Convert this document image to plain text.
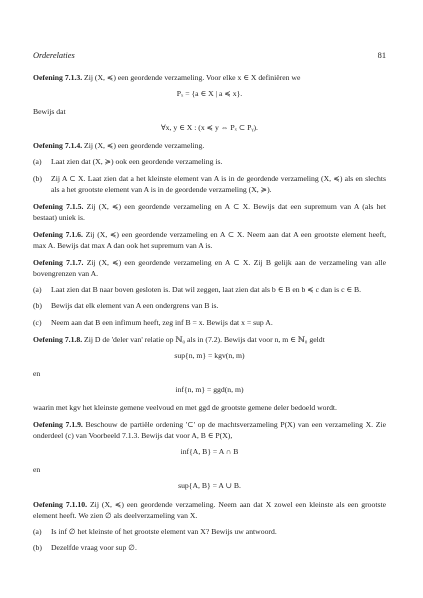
Orderelaties	81
Oefening 7.1.3. Zij (X, ≼) een geordende verzameling. Voor elke x ∈ X definiëren we
Pₓ = {a ∈ X | a ≼ x}.
Bewijs dat
∀x, y ∈ X : (x ≼ y ⇔ Pₓ ⊂ Pᵧ).
Oefening 7.1.4. Zij (X, ≼) een geordende verzameling.
(a)	Laat zien dat (X, ≽) ook een geordende verzameling is.
(b)	Zij A ⊂ X. Laat zien dat a het kleinste element van A is in de geordende verzameling (X, ≼) als en slechts als a het grootste element van A is in de geordende verzameling (X, ≽).
Oefening 7.1.5. Zij (X, ≼) een geordende verzameling en A ⊂ X. Bewijs dat een supremum van A (als het bestaat) uniek is.
Oefening 7.1.6. Zij (X, ≼) een geordende verzameling en A ⊂ X. Neem aan dat A een grootste element heeft, max A. Bewijs dat max A dan ook het supremum van A is.
Oefening 7.1.7. Zij (X, ≼) een geordende verzameling en A ⊂ X. Zij B gelijk aan de verzameling van alle bovengrenzen van A.
(a)	Laat zien dat B naar boven gesloten is. Dat wil zeggen, laat zien dat als b ∈ B en b ≼ c dan is c ∈ B.
(b)	Bewijs dat elk element van A een ondergrens van B is.
(c)	Neem aan dat B een infimum heeft, zeg inf B = x. Bewijs dat x = sup A.
Oefening 7.1.8. Zij D de 'deler van' relatie op ℕ₀ als in (7.2). Bewijs dat voor n, m ∈ ℕ₀ geldt
sup{n, m} = kgv(n, m)
en
inf{n, m} = ggd(n, m)
waarin met kgv het kleinste gemene veelvoud en met ggd de grootste gemene deler bedoeld wordt.
Oefening 7.1.9. Beschouw de partiële ordening '⊂' op de machtsverzameling P(X) van een verzameling X. Zie onderdeel (c) van Voorbeeld 7.1.3. Bewijs dat voor A, B ∈ P(X),
inf{A, B} = A ∩ B
en
sup{A, B} = A ∪ B.
Oefening 7.1.10. Zij (X, ≼) een geordende verzameling. Neem aan dat X zowel een kleinste als een grootste element heeft. We zien ∅ als deelverzameling van X.
(a)	Is inf ∅ het kleinste of het grootste element van X? Bewijs uw antwoord.
(b)	Dezelfde vraag voor sup ∅.
